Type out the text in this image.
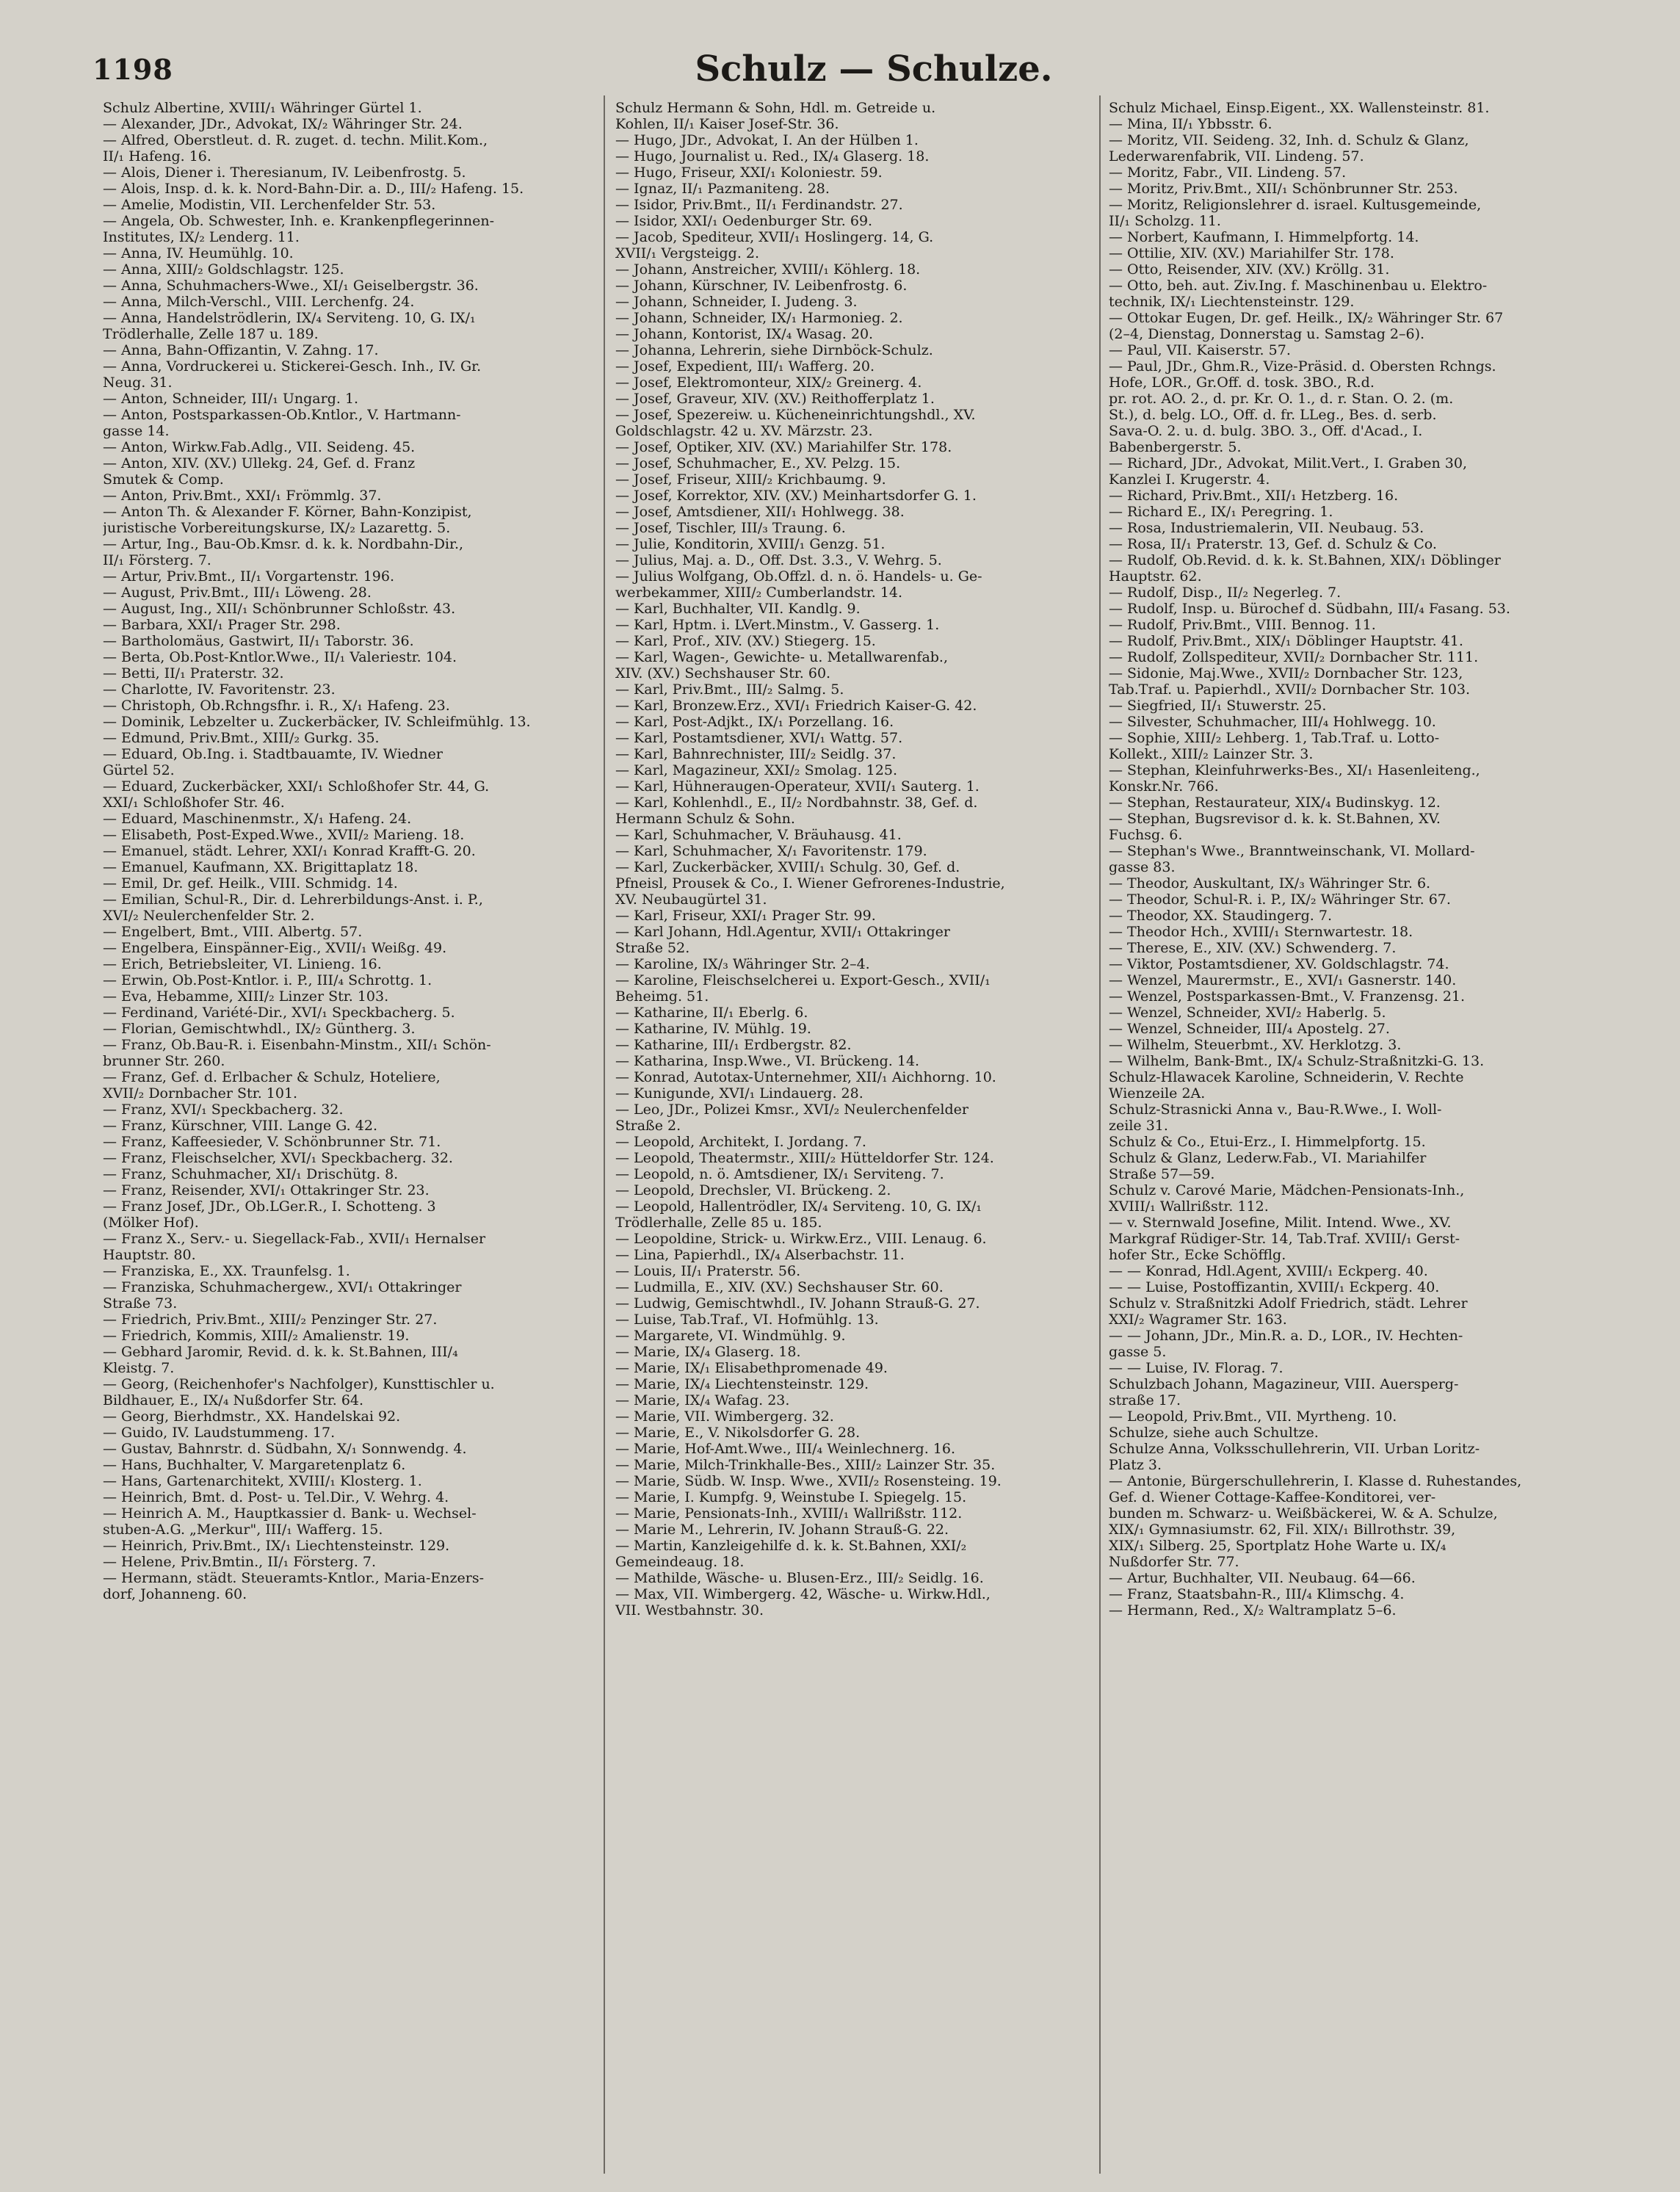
1198	Schulz — Schulze.
Schulz Albertine, XVIII/₁ Währinger Gürtel 1.
— Alexander, JDr., Advokat, IX/₂ Währinger Str. 24.
— Alfred, Oberstleut. d. R. zuget. d. techn. Milit.Kom.,
II/₁ Hafeng. 16.
— Alois, Diener i. Theresianum, IV. Leibenfrostg. 5.
— Alois, Insp. d. k. k. Nord-Bahn-Dir. a. D., III/₂ Hafeng. 15.
— Amelie, Modistin, VII. Lerchenfelder Str. 53.
— Angela, Ob. Schwester, Inh. e. Krankenpflegerinnen-
Institutes, IX/₂ Lenderg. 11.
— Anna, IV. Heumühlg. 10.
— Anna, XIII/₂ Goldschlagstr. 125.
— Anna, Schuhmachers-Wwe., XI/₁ Geiselbergstr. 36.
— Anna, Milch-Verschl., VIII. Lerchenfg. 24.
— Anna, Handelströdlerin, IX/₄ Serviteng. 10, G. IX/₁
Trödlerhalle, Zelle 187 u. 189.
— Anna, Bahn-Offizantin, V. Zahng. 17.
— Anna, Vordruckerei u. Stickerei-Gesch. Inh., IV. Gr.
Neug. 31.
— Anton, Schneider, III/₁ Ungarg. 1.
— Anton, Postsparkassen-Ob.Kntlor., V. Hartmann-
gasse 14.
— Anton, Wirkw.Fab.Adlg., VII. Seideng. 45.
— Anton, XIV. (XV.) Ullekg. 24, Gef. d. Franz
Smutek & Comp.
— Anton, Priv.Bmt., XXI/₁ Frömmlg. 37.
— Anton Th. & Alexander F. Körner, Bahn-Konzipist,
juristische Vorbereitungskurse, IX/₂ Lazarettg. 5.
— Artur, Ing., Bau-Ob.Kmsr. d. k. k. Nordbahn-Dir.,
II/₁ Försterg. 7.
— Artur, Priv.Bmt., II/₁ Vorgartenstr. 196.
— August, Priv.Bmt., III/₁ Löweng. 28.
— August, Ing., XII/₁ Schönbrunner Schloßstr. 43.
— Barbara, XXI/₁ Prager Str. 298.
— Bartholomäus, Gastwirt, II/₁ Taborstr. 36.
— Berta, Ob.Post-Kntlor.Wwe., II/₁ Valeriestr. 104.
— Betti, II/₁ Praterstr. 32.
— Charlotte, IV. Favoritenstr. 23.
— Christoph, Ob.Rchngsfhr. i. R., X/₁ Hafeng. 23.
— Dominik, Lebzelter u. Zuckerbäcker, IV. Schleifmühlg. 13.
— Edmund, Priv.Bmt., XIII/₂ Gurkg. 35.
— Eduard, Ob.Ing. i. Stadtbauamte, IV. Wiedner
Gürtel 52.
— Eduard, Zuckerbäcker, XXI/₁ Schloßhofer Str. 44, G.
XXI/₁ Schloßhofer Str. 46.
— Eduard, Maschinenmstr., X/₁ Hafeng. 24.
— Elisabeth, Post-Exped.Wwe., XVII/₂ Marieng. 18.
— Emanuel, städt. Lehrer, XXI/₁ Konrad Krafft-G. 20.
— Emanuel, Kaufmann, XX. Brigittaplatz 18.
— Emil, Dr. gef. Heilk., VIII. Schmidg. 14.
— Emilian, Schul-R., Dir. d. Lehrerbildungs-Anst. i. P.,
XVI/₂ Neulerchenfelder Str. 2.
— Engelbert, Bmt., VIII. Albertg. 57.
— Engelbera, Einspänner-Eig., XVII/₁ Weißg. 49.
— Erich, Betriebsleiter, VI. Linieng. 16.
— Erwin, Ob.Post-Kntlor. i. P., III/₄ Schrottg. 1.
— Eva, Hebamme, XIII/₂ Linzer Str. 103.
— Ferdinand, Variété-Dir., XVI/₁ Speckbacherg. 5.
— Florian, Gemischtwhdl., IX/₂ Güntherg. 3.
— Franz, Ob.Bau-R. i. Eisenbahn-Minstm., XII/₁ Schön-
brunner Str. 260.
— Franz, Gef. d. Erlbacher & Schulz, Hoteliere,
XVII/₂ Dornbacher Str. 101.
— Franz, XVI/₁ Speckbacherg. 32.
— Franz, Kürschner, VIII. Lange G. 42.
— Franz, Kaffeesieder, V. Schönbrunner Str. 71.
— Franz, Fleischselcher, XVI/₁ Speckbacherg. 32.
— Franz, Schuhmacher, XI/₁ Drischütg. 8.
— Franz, Reisender, XVI/₁ Ottakringer Str. 23.
— Franz Josef, JDr., Ob.LGer.R., I. Schotteng. 3
(Mölker Hof).
— Franz X., Serv.- u. Siegellack-Fab., XVII/₁ Hernalser
Hauptstr. 80.
— Franziska, E., XX. Traunfelsg. 1.
— Franziska, Schuhmachergew., XVI/₁ Ottakringer
Straße 73.
— Friedrich, Priv.Bmt., XIII/₂ Penzinger Str. 27.
— Friedrich, Kommis, XIII/₂ Amalienstr. 19.
— Gebhard Jaromir, Revid. d. k. k. St.Bahnen, III/₄
Kleistg. 7.
— Georg, (Reichenhofer's Nachfolger), Kunsttischler u.
Bildhauer, E., IX/₄ Nußdorfer Str. 64.
— Georg, Bierhdmstr., XX. Handelskai 92.
— Guido, IV. Laudstummeng. 17.
— Gustav, Bahnrstr. d. Südbahn, X/₁ Sonnwendg. 4.
— Hans, Buchhalter, V. Margaretenplatz 6.
— Hans, Gartenarchitekt, XVIII/₁ Klosterg. 1.
— Heinrich, Bmt. d. Post- u. Tel.Dir., V. Wehrg. 4.
— Heinrich A. M., Hauptkassier d. Bank- u. Wechsel-
stuben-A.G. „Merkur", III/₁ Wafferg. 15.
— Heinrich, Priv.Bmt., IX/₁ Liechtensteinstr. 129.
— Helene, Priv.Bmtin., II/₁ Försterg. 7.
— Hermann, städt. Steueramts-Kntlor., Maria-Enzers-
dorf, Johanneng. 60.
Schulz Hermann & Sohn, Hdl. m. Getreide u.
Kohlen, II/₁ Kaiser Josef-Str. 36.
— Hugo, JDr., Advokat, I. An der Hülben 1.
— Hugo, Journalist u. Red., IX/₄ Glaserg. 18.
— Hugo, Friseur, XXI/₁ Koloniestr. 59.
— Ignaz, II/₁ Pazmaniteng. 28.
— Isidor, Priv.Bmt., II/₁ Ferdinandstr. 27.
— Isidor, XXI/₁ Oedenburger Str. 69.
— Jacob, Spediteur, XVII/₁ Hoslingerg. 14, G.
XVII/₁ Vergsteigg. 2.
— Johann, Anstreicher, XVIII/₁ Köhlerg. 18.
— Johann, Kürschner, IV. Leibenfrostg. 6.
— Johann, Schneider, I. Judeng. 3.
— Johann, Schneider, IX/₁ Harmonieg. 2.
— Johann, Kontorist, IX/₄ Wasag. 20.
— Johanna, Lehrerin, siehe Dirnböck-Schulz.
— Josef, Expedient, III/₁ Wafferg. 20.
— Josef, Elektromonteur, XIX/₂ Greinerg. 4.
— Josef, Graveur, XIV. (XV.) Reithofferplatz 1.
— Josef, Spezereiw. u. Kücheneinrichtungshdl., XV.
Goldschlagstr. 42 u. XV. Märzstr. 23.
— Josef, Optiker, XIV. (XV.) Mariahilfer Str. 178.
— Josef, Schuhmacher, E., XV. Pelzg. 15.
— Josef, Friseur, XIII/₂ Krichbaumg. 9.
— Josef, Korrektor, XIV. (XV.) Meinhartsdorfer G. 1.
— Josef, Amtsdiener, XII/₁ Hohlwegg. 38.
— Josef, Tischler, III/₃ Traung. 6.
— Julie, Konditorin, XVIII/₁ Genzg. 51.
— Julius, Maj. a. D., Off. Dst. 3.3., V. Wehrg. 5.
— Julius Wolfgang, Ob.Offzl. d. n. ö. Handels- u. Ge-
werbekammer, XIII/₂ Cumberlandstr. 14.
— Karl, Buchhalter, VII. Kandlg. 9.
— Karl, Hptm. i. LVert.Minstm., V. Gasserg. 1.
— Karl, Prof., XIV. (XV.) Stiegerg. 15.
— Karl, Wagen-, Gewichte- u. Metallwarenfab.,
XIV. (XV.) Sechshauser Str. 60.
— Karl, Priv.Bmt., III/₂ Salmg. 5.
— Karl, Bronzew.Erz., XVI/₁ Friedrich Kaiser-G. 42.
— Karl, Post-Adjkt., IX/₁ Porzellang. 16.
— Karl, Postamtsdiener, XVI/₁ Wattg. 57.
— Karl, Bahnrechnister, III/₂ Seidlg. 37.
— Karl, Magazineur, XXI/₂ Smolag. 125.
— Karl, Hühneraugen-Operateur, XVII/₁ Sauterg. 1.
— Karl, Kohlenhdl., E., II/₂ Nordbahnstr. 38, Gef. d.
Hermann Schulz & Sohn.
— Karl, Schuhmacher, V. Bräuhausg. 41.
— Karl, Schuhmacher, X/₁ Favoritenstr. 179.
— Karl, Zuckerbäcker, XVIII/₁ Schulg. 30, Gef. d.
Pfneisl, Prousek & Co., I. Wiener Gefrorenes-Industrie,
XV. Neubaugürtel 31.
— Karl, Friseur, XXI/₁ Prager Str. 99.
— Karl Johann, Hdl.Agentur, XVII/₁ Ottakringer
Straße 52.
— Karoline, IX/₃ Währinger Str. 2–4.
— Karoline, Fleischselcherei u. Export-Gesch., XVII/₁
Beheimg. 51.
— Katharine, II/₁ Eberlg. 6.
— Katharine, IV. Mühlg. 19.
— Katharine, III/₁ Erdbergstr. 82.
— Katharina, Insp.Wwe., VI. Brückeng. 14.
— Konrad, Autotax-Unternehmer, XII/₁ Aichhorng. 10.
— Kunigunde, XVI/₁ Lindauerg. 28.
— Leo, JDr., Polizei Kmsr., XVI/₂ Neulerchenfelder
Straße 2.
— Leopold, Architekt, I. Jordang. 7.
— Leopold, Theatermstr., XIII/₂ Hütteldorfer Str. 124.
— Leopold, n. ö. Amtsdiener, IX/₁ Serviteng. 7.
— Leopold, Drechsler, VI. Brückeng. 2.
— Leopold, Hallentrödler, IX/₄ Serviteng. 10, G. IX/₁
Trödlerhalle, Zelle 85 u. 185.
— Leopoldine, Strick- u. Wirkw.Erz., VIII. Lenaug. 6.
— Lina, Papierhdl., IX/₄ Alserbachstr. 11.
— Louis, II/₁ Praterstr. 56.
— Ludmilla, E., XIV. (XV.) Sechshauser Str. 60.
— Ludwig, Gemischtwhdl., IV. Johann Strauß-G. 27.
— Luise, Tab.Traf., VI. Hofmühlg. 13.
— Margarete, VI. Windmühlg. 9.
— Marie, IX/₄ Glaserg. 18.
— Marie, IX/₁ Elisabethpromenade 49.
— Marie, IX/₄ Liechtensteinstr. 129.
— Marie, IX/₄ Wafag. 23.
— Marie, VII. Wimbergerg. 32.
— Marie, E., V. Nikolsdorfer G. 28.
— Marie, Hof-Amt.Wwe., III/₄ Weinlechnerg. 16.
— Marie, Milch-Trinkhalle-Bes., XIII/₂ Lainzer Str. 35.
— Marie, Südb. W. Insp. Wwe., XVII/₂ Rosensteing. 19.
— Marie, I. Kumpfg. 9, Weinstube I. Spiegelg. 15.
— Marie, Pensionats-Inh., XVIII/₁ Wallrißstr. 112.
— Marie M., Lehrerin, IV. Johann Strauß-G. 22.
— Martin, Kanzleigehilfe d. k. k. St.Bahnen, XXI/₂
Gemeindeaug. 18.
— Mathilde, Wäsche- u. Blusen-Erz., III/₂ Seidlg. 16.
— Max, VII. Wimbergerg. 42, Wäsche- u. Wirkw.Hdl.,
VII. Westbahnstr. 30.
Schulz Michael, Einsp.Eigent., XX. Wallensteinstr. 81.
— Mina, II/₁ Ybbsstr. 6.
— Moritz, VII. Seideng. 32, Inh. d. Schulz & Glanz,
Lederwarenfabrik, VII. Lindeng. 57.
— Moritz, Fabr., VII. Lindeng. 57.
— Moritz, Priv.Bmt., XII/₁ Schönbrunner Str. 253.
— Moritz, Religionslehrer d. israel. Kultusgemeinde,
II/₁ Scholzg. 11.
— Norbert, Kaufmann, I. Himmelpfortg. 14.
— Ottilie, XIV. (XV.) Mariahilfer Str. 178.
— Otto, Reisender, XIV. (XV.) Kröllg. 31.
— Otto, beh. aut. Ziv.Ing. f. Maschinenbau u. Elektro-
technik, IX/₁ Liechtensteinstr. 129.
— Ottokar Eugen, Dr. gef. Heilk., IX/₂ Währinger Str. 67
(2–4, Dienstag, Donnerstag u. Samstag 2–6).
— Paul, VII. Kaiserstr. 57.
— Paul, JDr., Ghm.R., Vize-Präsid. d. Obersten Rchngs.
Hofe, LOR., Gr.Off. d. tosk. 3BO., R.d.
pr. rot. AO. 2., d. pr. Kr. O. 1., d. r. Stan. O. 2. (m.
St.), d. belg. LO., Off. d. fr. LLeg., Bes. d. serb.
Sava-O. 2. u. d. bulg. 3BO. 3., Off. d'Acad., I.
Babenbergerstr. 5.
— Richard, JDr., Advokat, Milit.Vert., I. Graben 30,
Kanzlei I. Krugerstr. 4.
— Richard, Priv.Bmt., XII/₁ Hetzberg. 16.
— Richard E., IX/₁ Peregring. 1.
— Rosa, Industriemalerin, VII. Neubaug. 53.
— Rosa, II/₁ Praterstr. 13, Gef. d. Schulz & Co.
— Rudolf, Ob.Revid. d. k. k. St.Bahnen, XIX/₁ Döblinger
Hauptstr. 62.
— Rudolf, Disp., II/₂ Negerleg. 7.
— Rudolf, Insp. u. Bürochef d. Südbahn, III/₄ Fasang. 53.
— Rudolf, Priv.Bmt., VIII. Bennog. 11.
— Rudolf, Priv.Bmt., XIX/₁ Döblinger Hauptstr. 41.
— Rudolf, Zollspediteur, XVII/₂ Dornbacher Str. 111.
— Sidonie, Maj.Wwe., XVII/₂ Dornbacher Str. 123,
Tab.Traf. u. Papierhdl., XVII/₂ Dornbacher Str. 103.
— Siegfried, II/₁ Stuwerstr. 25.
— Silvester, Schuhmacher, III/₄ Hohlwegg. 10.
— Sophie, XIII/₂ Lehberg. 1, Tab.Traf. u. Lotto-
Kollekt., XIII/₂ Lainzer Str. 3.
— Stephan, Kleinfuhrwerks-Bes., XI/₁ Hasenleiteng.,
Konskr.Nr. 766.
— Stephan, Restaurateur, XIX/₄ Budinskyg. 12.
— Stephan, Bugsrevisor d. k. k. St.Bahnen, XV.
Fuchsg. 6.
— Stephan's Wwe., Branntweinschank, VI. Mollard-
gasse 83.
— Theodor, Auskultant, IX/₃ Währinger Str. 6.
— Theodor, Schul-R. i. P., IX/₂ Währinger Str. 67.
— Theodor, XX. Staudingerg. 7.
— Theodor Hch., XVIII/₁ Sternwartestr. 18.
— Therese, E., XIV. (XV.) Schwenderg. 7.
— Viktor, Postamtsdiener, XV. Goldschlagstr. 74.
— Wenzel, Maurermstr., E., XVI/₁ Gasnerstr. 140.
— Wenzel, Postsparkassen-Bmt., V. Franzensg. 21.
— Wenzel, Schneider, XVI/₂ Haberlg. 5.
— Wenzel, Schneider, III/₄ Apostelg. 27.
— Wilhelm, Steuerbmt., XV. Herklotzg. 3.
— Wilhelm, Bank-Bmt., IX/₄ Schulz-Straßnitzki-G. 13.
Schulz-Hlawacek Karoline, Schneiderin, V. Rechte
Wienzeile 2A.
Schulz-Strasnicki Anna v., Bau-R.Wwe., I. Woll-
zeile 31.
Schulz & Co., Etui-Erz., I. Himmelpfortg. 15.
Schulz & Glanz, Lederw.Fab., VI. Mariahilfer
Straße 57—59.
Schulz v. Carové Marie, Mädchen-Pensionats-Inh.,
XVIII/₁ Wallrißstr. 112.
— v. Sternwald Josefine, Milit. Intend. Wwe., XV.
Markgraf Rüdiger-Str. 14, Tab.Traf. XVIII/₁ Gerst-
hofer Str., Ecke Schöfflg.
— — Konrad, Hdl.Agent, XVIII/₁ Eckperg. 40.
— — Luise, Postoffizantin, XVIII/₁ Eckperg. 40.
Schulz v. Straßnitzki Adolf Friedrich, städt. Lehrer
XXI/₂ Wagramer Str. 163.
— — Johann, JDr., Min.R. a. D., LOR., IV. Hechten-
gasse 5.
— — Luise, IV. Florag. 7.
Schulzbach Johann, Magazineur, VIII. Auersperg-
straße 17.
— Leopold, Priv.Bmt., VII. Myrtheng. 10.
Schulze, siehe auch Schultze.
Schulze Anna, Volksschullehrerin, VII. Urban Loritz-
Platz 3.
— Antonie, Bürgerschullehrerin, I. Klasse d. Ruhestandes,
Gef. d. Wiener Cottage-Kaffee-Konditorei, ver-
bunden m. Schwarz- u. Weißbäckerei, W. & A. Schulze,
XIX/₁ Gymnasiumstr. 62, Fil. XIX/₁ Billrothstr. 39,
XIX/₁ Silberg. 25, Sportplatz Hohe Warte u. IX/₄
Nußdorfer Str. 77.
— Artur, Buchhalter, VII. Neubaug. 64—66.
— Franz, Staatsbahn-R., III/₄ Klimschg. 4.
— Hermann, Red., X/₂ Waltramplatz 5–6.
